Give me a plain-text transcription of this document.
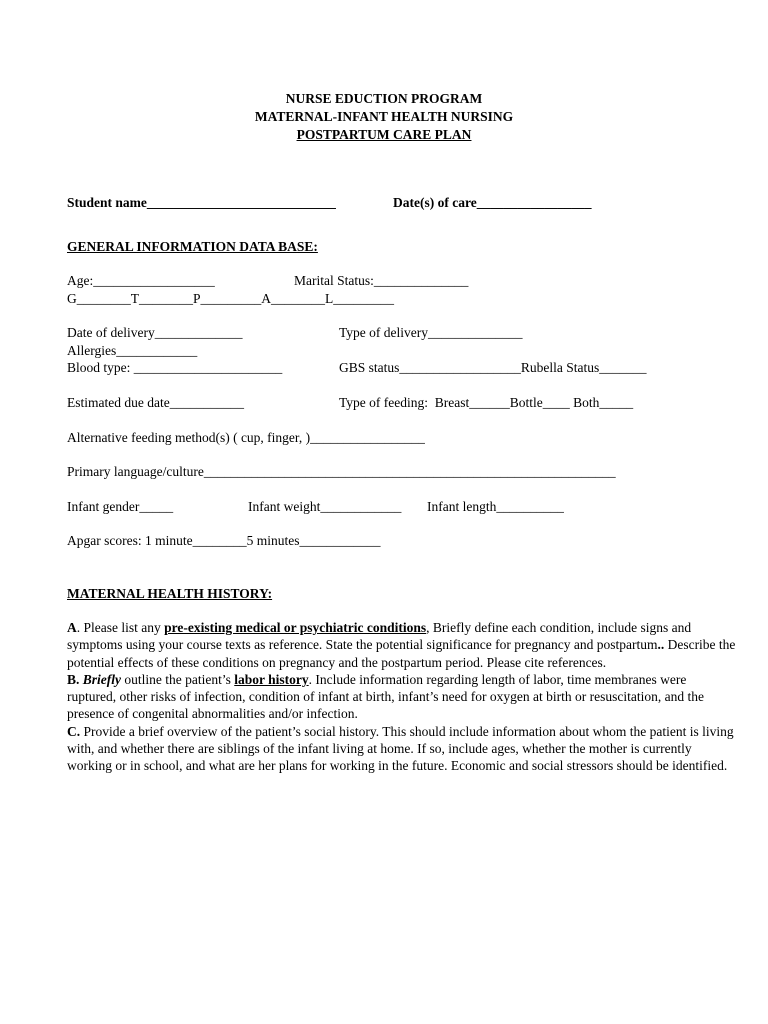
NURSE EDUCTION PROGRAM
MATERNAL-INFANT HEALTH NURSING
POSTPARTUM CARE PLAN
Student name____________________________	Date(s) of care_________________
GENERAL INFORMATION DATA BASE:
Age:__________________	Marital Status:______________
G________T________P_________A________L_________
Date of delivery_____________	Type of delivery______________
Allergies____________
Blood type: ______________________	GBS status__________________Rubella Status_______
Estimated due date___________	Type of feeding:  Breast______Bottle____ Both_____
Alternative feeding method(s) ( cup, finger, )_________________
Primary language/culture_____________________________________________________________
Infant gender_____	Infant weight____________ Infant length__________
Apgar scores: 1 minute________5 minutes____________
MATERNAL HEALTH HISTORY:
A. Please list any pre-existing medical or psychiatric conditions, Briefly define each condition, include signs and symptoms using your course texts as reference. State the potential significance for pregnancy and postpartum.. Describe the potential effects of these conditions on pregnancy and the postpartum period. Please cite references.
B. Briefly outline the patient’s labor history. Include information regarding length of labor, time membranes were ruptured, other risks of infection, condition of infant at birth, infant’s need for oxygen at birth or resuscitation, and the presence of congenital abnormalities and/or infection.
C. Provide a brief overview of the patient’s social history. This should include information about whom the patient is living with, and whether there are siblings of the infant living at home. If so, include ages, whether the mother is currently working or in school, and what are her plans for working in the future. Economic and social stressors should be identified.
